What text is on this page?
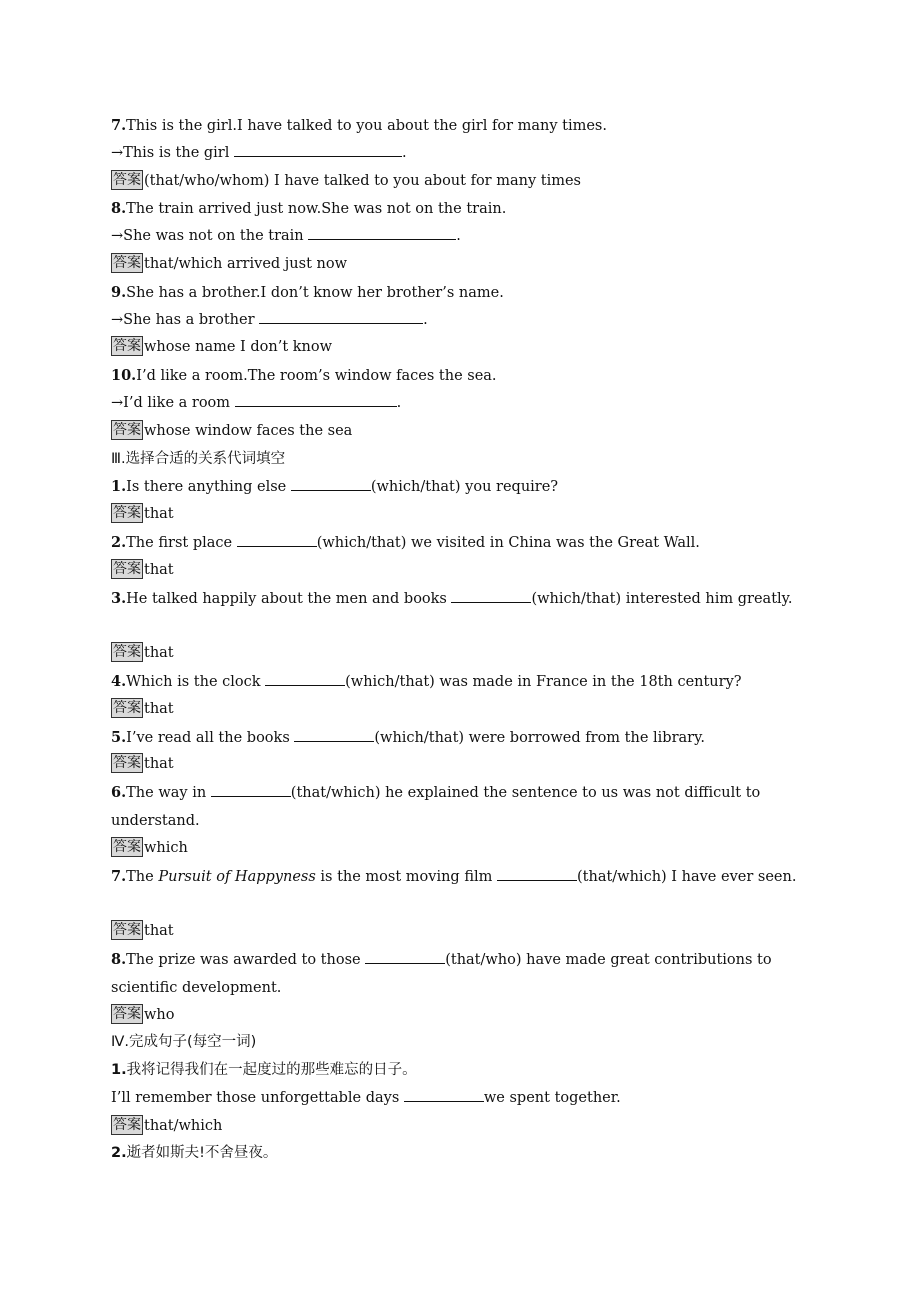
7.This is the girl.I have talked to you about the girl for many times.
→This is the girl	.
答案 (that/who/whom) I have talked to you about for many times
8.The train arrived just now.She was not on the train.
→She was not on the train	.
答案 that/which arrived just now
9.She has a brother.I don’t know her brother’s name.
→She has a brother	.
答案 whose name I don’t know
10.I’d like a room.The room’s window faces the sea.
→I’d like a room	.
答案 whose window faces the sea
Ⅲ.选择合适的关系代词填空
1.Is there anything else	(which/that) you require?
答案 that
2.The first place	(which/that) we visited in China was the Great Wall.
答案 that
3.He talked happily about the men and books	(which/that) interested him greatly.
答案 that
4.Which is the clock	(which/that) was made in France in the 18th century?
答案 that
5.I’ve read all the books	(which/that) were borrowed from the library.
答案 that
6.The way in	(that/which) he explained the sentence to us was not difficult to understand.
答案 which
7.The Pursuit of Happyness is the most moving film	(that/which) I have ever seen.
答案 that
8.The prize was awarded to those	(that/who) have made great contributions to scientific development.
答案 who
Ⅳ.完成句子(每空一词)
1.我将记得我们在一起度过的那些难忘的日子。
I’ll remember those unforgettable days	we spent together.
答案 that/which
2.逝者如斯夫!不舍昼夜。
